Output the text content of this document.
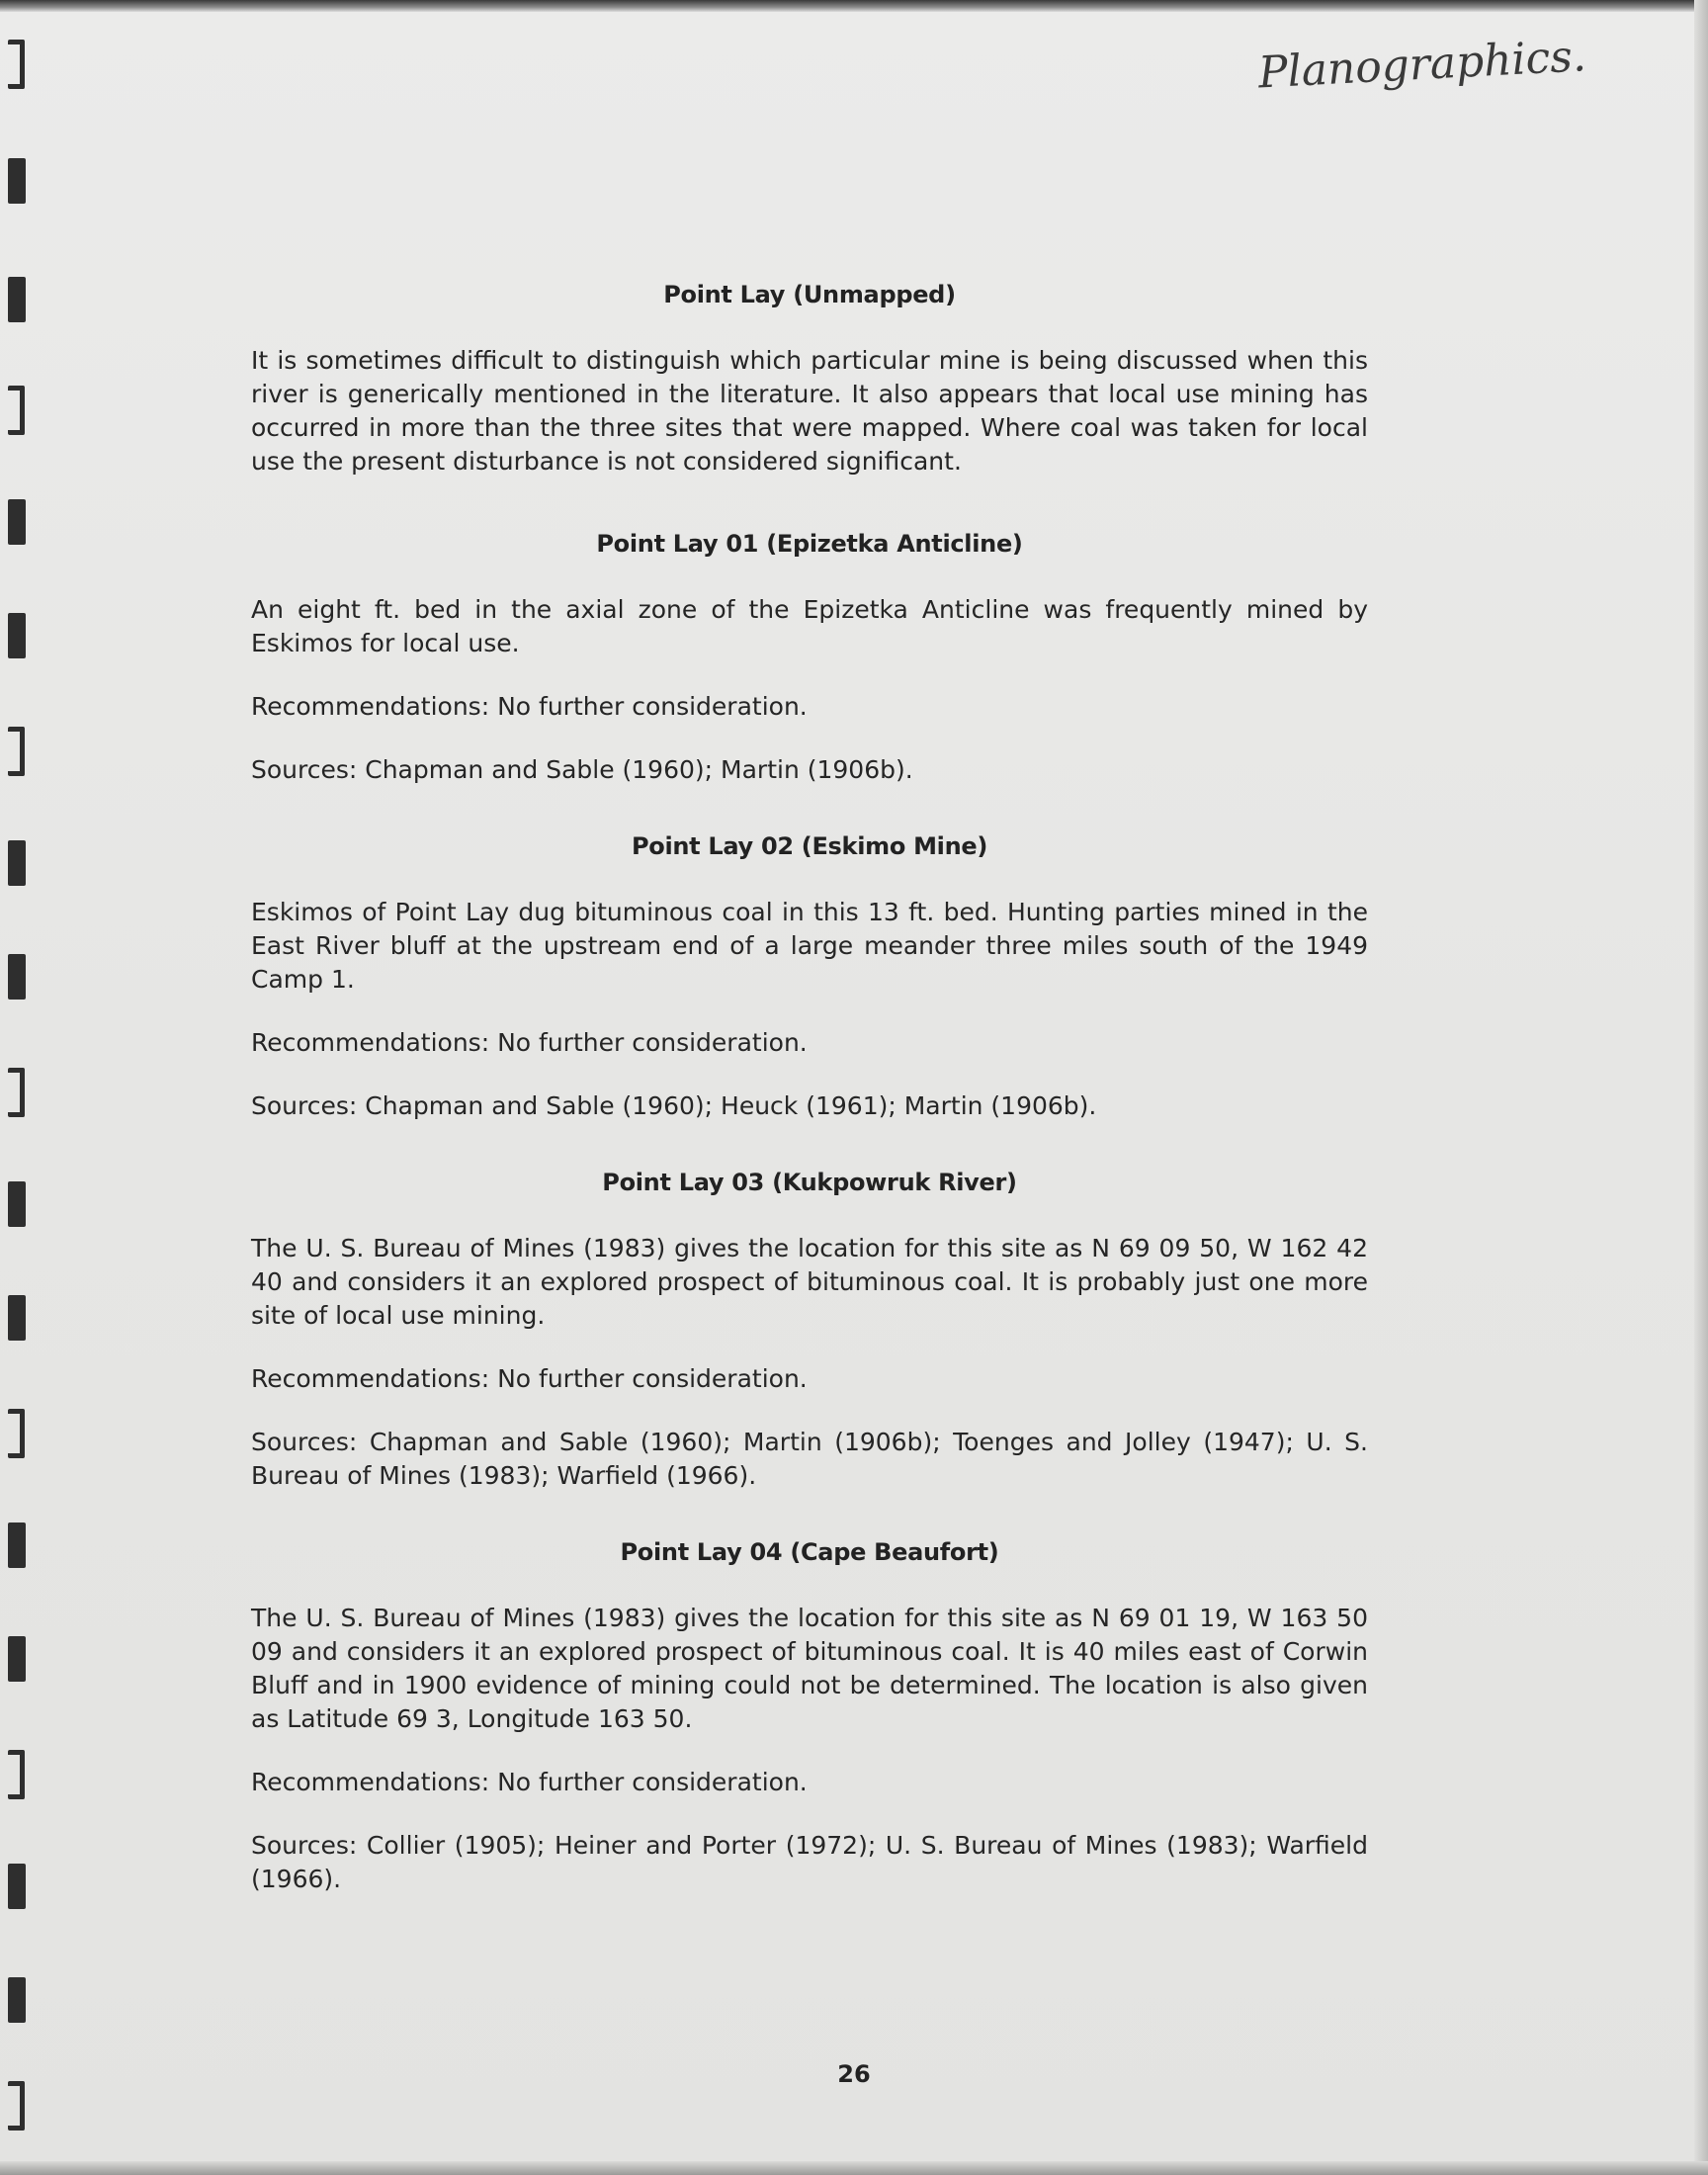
Planographics.
Point Lay (Unmapped)

It is sometimes difficult to distinguish which particular mine is being discussed when this river is generically mentioned in the literature. It also appears that local use mining has occurred in more than the three sites that were mapped. Where coal was taken for local use the present disturbance is not considered significant.

Point Lay 01 (Epizetka Anticline)

An eight ft. bed in the axial zone of the Epizetka Anticline was frequently mined by Eskimos for local use.

Recommendations: No further consideration.

Sources: Chapman and Sable (1960); Martin (1906b).

Point Lay 02 (Eskimo Mine)

Eskimos of Point Lay dug bituminous coal in this 13 ft. bed. Hunting parties mined in the East River bluff at the upstream end of a large meander three miles south of the 1949 Camp 1.

Recommendations: No further consideration.

Sources: Chapman and Sable (1960); Heuck (1961); Martin (1906b).

Point Lay 03 (Kukpowruk River)

The U. S. Bureau of Mines (1983) gives the location for this site as N 69 09 50, W 162 42 40 and considers it an explored prospect of bituminous coal. It is probably just one more site of local use mining.

Recommendations: No further consideration.

Sources: Chapman and Sable (1960); Martin (1906b); Toenges and Jolley (1947); U. S. Bureau of Mines (1983); Warfield (1966).

Point Lay 04 (Cape Beaufort)

The U. S. Bureau of Mines (1983) gives the location for this site as N 69 01 19, W 163 50 09 and considers it an explored prospect of bituminous coal. It is 40 miles east of Corwin Bluff and in 1900 evidence of mining could not be determined. The location is also given as Latitude 69 3, Longitude 163 50.

Recommendations: No further consideration.

Sources: Collier (1905); Heiner and Porter (1972); U. S. Bureau of Mines (1983); Warfield (1966).

26
